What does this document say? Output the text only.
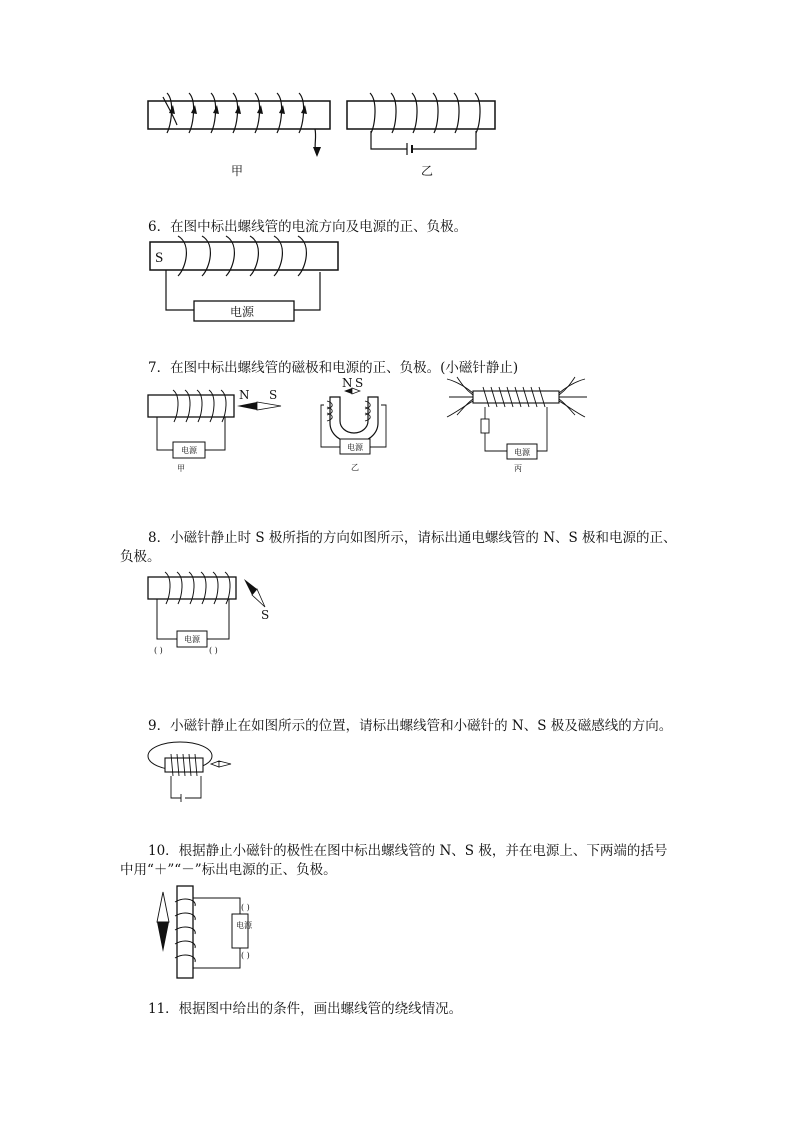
甲	乙
6．在图中标出螺线管的电流方向及电源的正、负极。
S
电源
7．在图中标出螺线管的磁极和电源的正、负极。(小磁针静止)
电源
N S
甲
N S
电源
乙
电源
丙
8．小磁针静止时 S 极所指的方向如图所示，请标出通电螺线管的 N、S 极和电源的正、
负极。
电源
( )	( )
S
9．小磁针静止在如图所示的位置，请标出螺线管和小磁针的 N、S 极及磁感线的方向。
10．根据静止小磁针的极性在图中标出螺线管的 N、S 极，并在电源上、下两端的括号
中用“＋”“－”标出电源的正、负极。
电源
( )
( )
11．根据图中给出的条件，画出螺线管的绕线情况。
